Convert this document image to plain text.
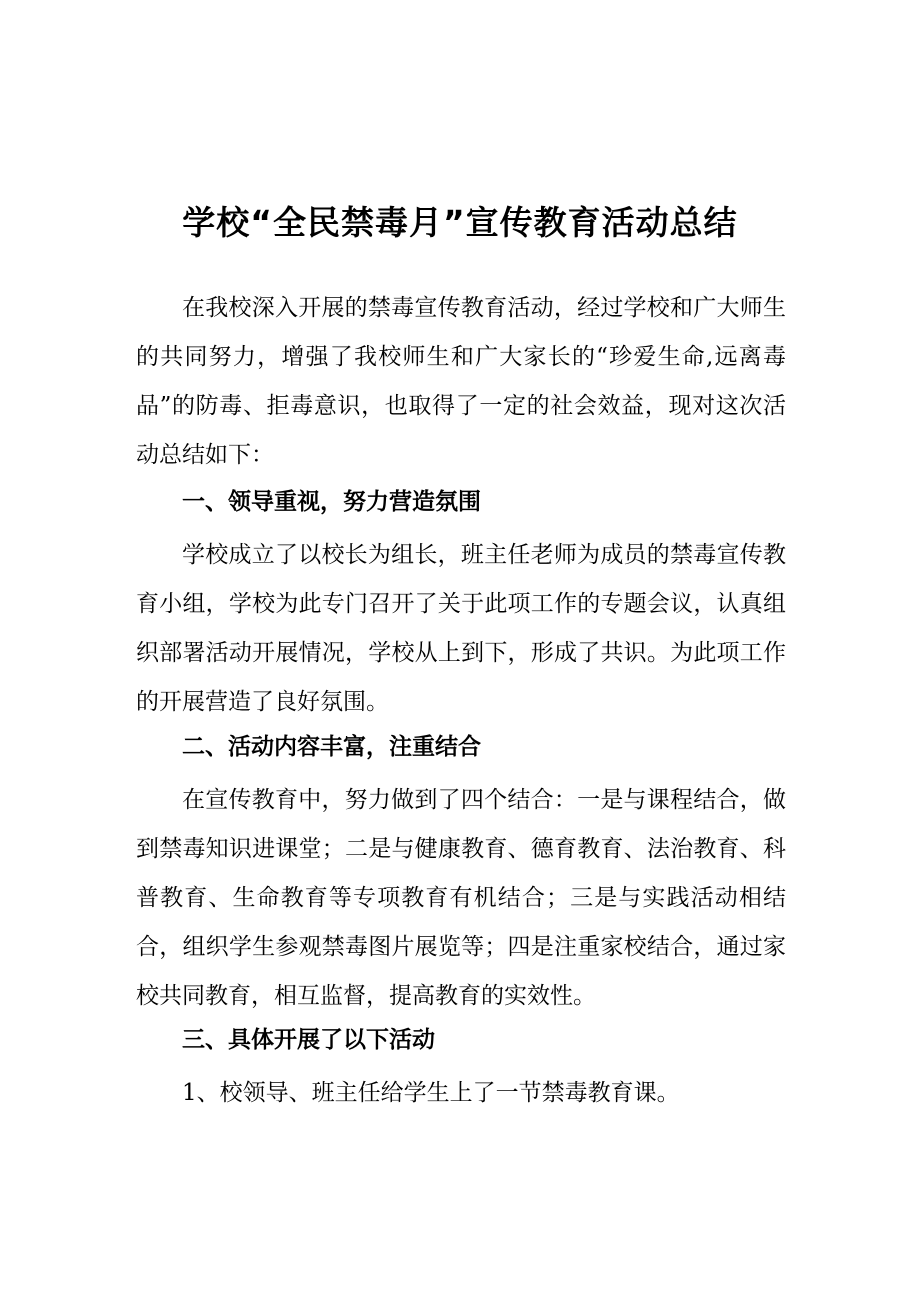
学校“全民禁毒月”宣传教育活动总结

在我校深入开展的禁毒宣传教育活动，经过学校和广大师生的共同努力，增强了我校师生和广大家长的“珍爱生命,远离毒品”的防毒、拒毒意识，也取得了一定的社会效益，现对这次活动总结如下：

一、领导重视，努力营造氛围

学校成立了以校长为组长，班主任老师为成员的禁毒宣传教育小组，学校为此专门召开了关于此项工作的专题会议，认真组织部署活动开展情况，学校从上到下，形成了共识。为此项工作的开展营造了良好氛围。

二、活动内容丰富，注重结合

在宣传教育中，努力做到了四个结合：一是与课程结合，做到禁毒知识进课堂；二是与健康教育、德育教育、法治教育、科普教育、生命教育等专项教育有机结合；三是与实践活动相结合，组织学生参观禁毒图片展览等；四是注重家校结合，通过家校共同教育，相互监督，提高教育的实效性。

三、具体开展了以下活动

1、校领导、班主任给学生上了一节禁毒教育课。
